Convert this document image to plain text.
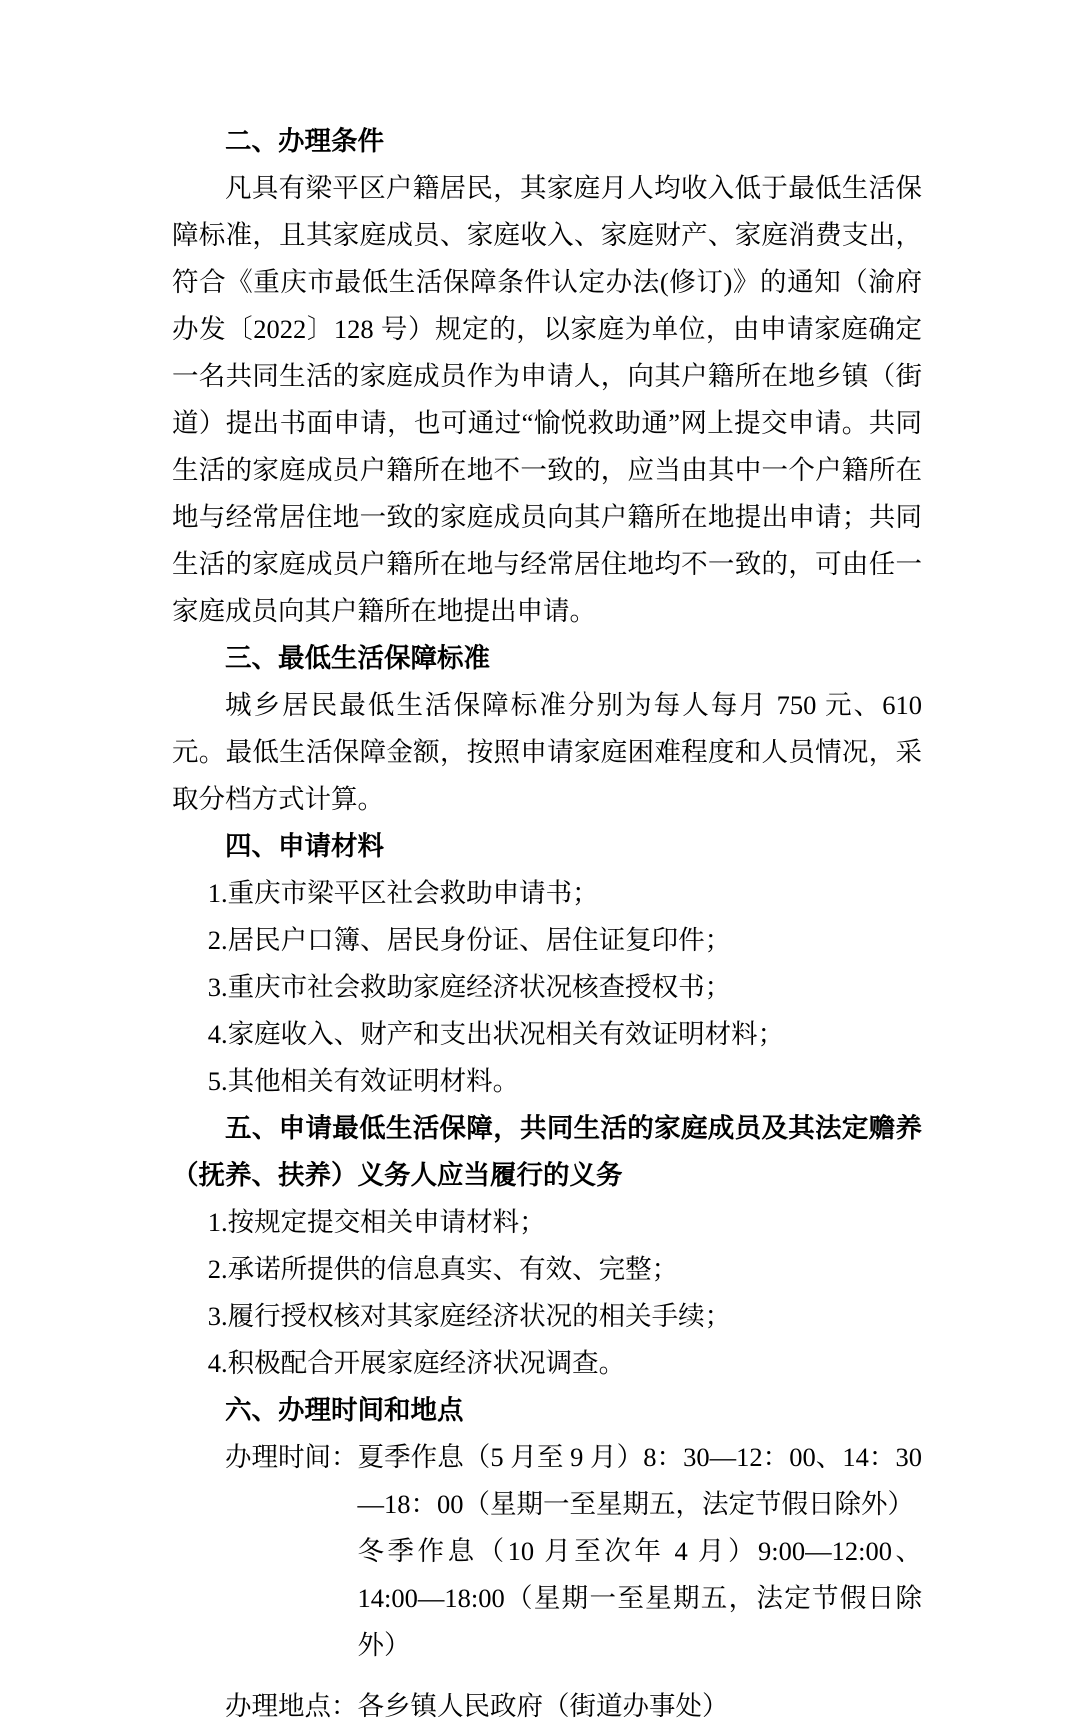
二、办理条件

凡具有梁平区户籍居民，其家庭月人均收入低于最低生活保障标准，且其家庭成员、家庭收入、家庭财产、家庭消费支出，符合《重庆市最低生活保障条件认定办法(修订)》的通知（渝府办发〔2022〕128 号）规定的，以家庭为单位，由申请家庭确定一名共同生活的家庭成员作为申请人，向其户籍所在地乡镇（街道）提出书面申请，也可通过“愉悦救助通”网上提交申请。共同生活的家庭成员户籍所在地不一致的，应当由其中一个户籍所在地与经常居住地一致的家庭成员向其户籍所在地提出申请；共同生活的家庭成员户籍所在地与经常居住地均不一致的，可由任一家庭成员向其户籍所在地提出申请。

三、最低生活保障标准

城乡居民最低生活保障标准分别为每人每月 750 元、610 元。最低生活保障金额，按照申请家庭困难程度和人员情况，采取分档方式计算。

四、申请材料

1.重庆市梁平区社会救助申请书；

2.居民户口簿、居民身份证、居住证复印件；

3.重庆市社会救助家庭经济状况核查授权书；

4.家庭收入、财产和支出状况相关有效证明材料；

5.其他相关有效证明材料。

五、申请最低生活保障，共同生活的家庭成员及其法定赡养（抚养、扶养）义务人应当履行的义务

1.按规定提交相关申请材料；

2.承诺所提供的信息真实、有效、完整；

3.履行授权核对其家庭经济状况的相关手续；

4.积极配合开展家庭经济状况调查。

六、办理时间和地点
办理时间： 夏季作息（5 月至 9 月）8：30—12：00、14：30—18：00（星期一至星期五，法定节假日除外）
冬季作息（10 月至次年 4 月）9:00—12:00、14:00—18:00（星期一至星期五，法定节假日除外）
办理地点： 各乡镇人民政府（街道办事处）
